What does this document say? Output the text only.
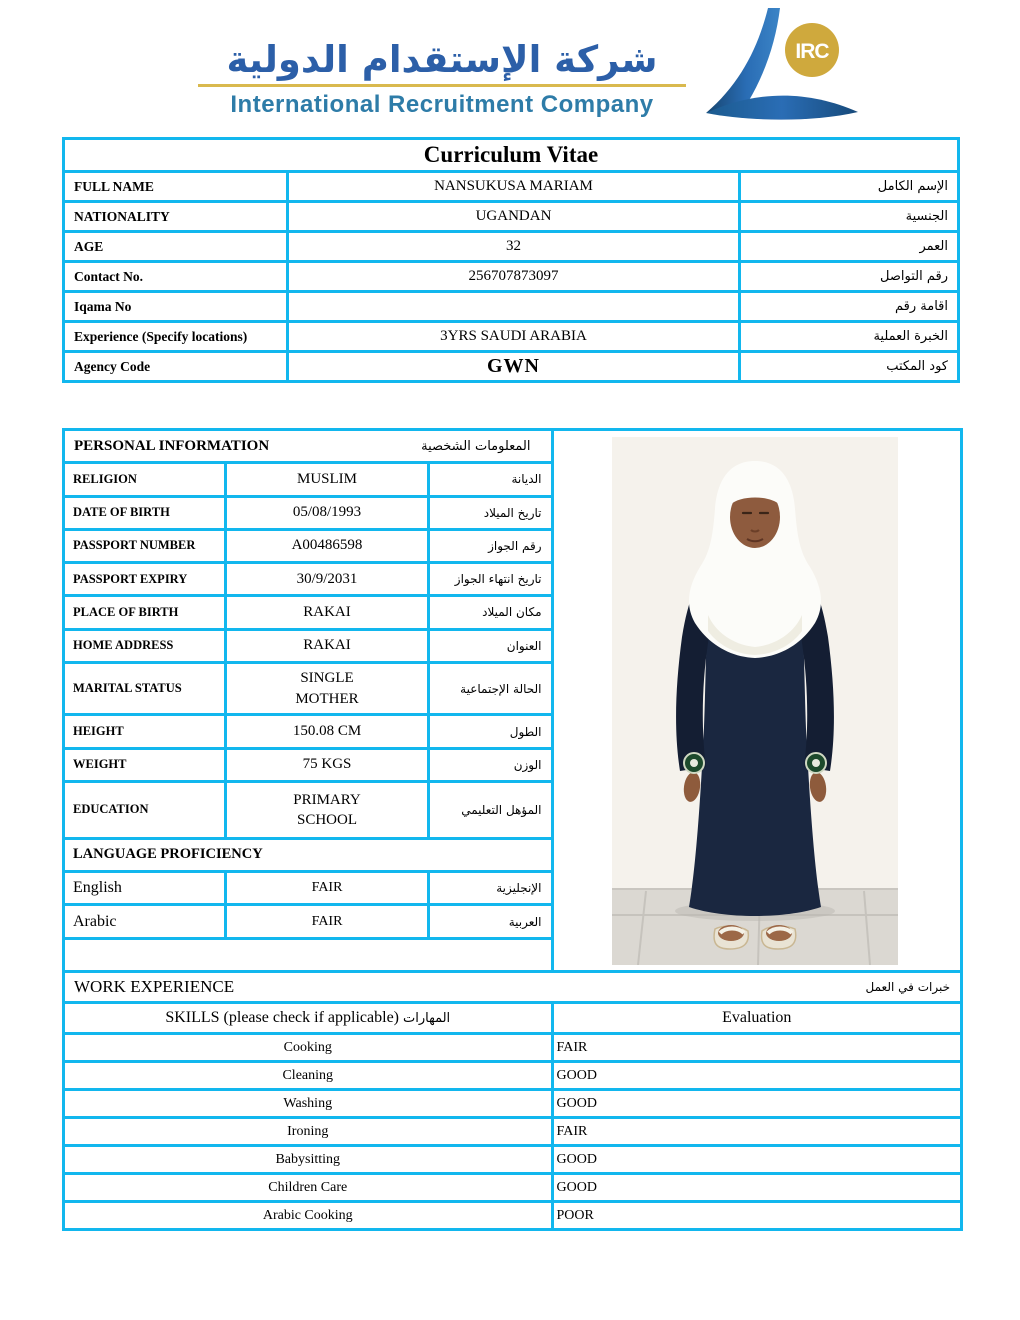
شركة الإستقدام الدولية
International Recruitment Company
IRC
Curriculum Vitae		
FULL NAME	NANSUKUSA MARIAM	الإسم الكامل
NATIONALITY	UGANDAN	الجنسية
AGE	32	العمر
Contact No.	256707873097	رقم التواصل
Iqama No		اقامة رقم
Experience (Specify locations)	3YRS SAUDI ARABIA	الخبرة العملية
Agency Code	GWN	كود المكتب
PERSONAL INFORMATION المعلومات الشخصية

RELIGION	MUSLIM	الديانة	
DATE OF BIRTH	05/08/1993	تاريخ الميلاد	
PASSPORT NUMBER	A00486598	رقم الجواز	
PASSPORT EXPIRY	30/9/2031	تاريخ انتهاء الجواز	
PLACE OF BIRTH	RAKAI	مكان الميلاد	
HOME ADDRESS	RAKAI	العنوان	
MARITAL STATUS	SINGLE MOTHER	الحالة الإجتماعية	
HEIGHT	150.08 CM	الطول	
WEIGHT	75 KGS	الوزن	
EDUCATION	PRIMARY SCHOOL	المؤهل التعليمي	
LANGUAGE PROFICIENCY			
English	FAIR	الإنجليزية	
Arabic	FAIR	العربية	

WORK EXPERIENCE خبرات في العمل			

SKILLS (please check if applicable) المهارات			Evaluation
Cooking			FAIR
Cleaning			GOOD
Washing			GOOD
Ironing			FAIR
Babysitting			GOOD
Children Care			GOOD
Arabic Cooking			POOR
